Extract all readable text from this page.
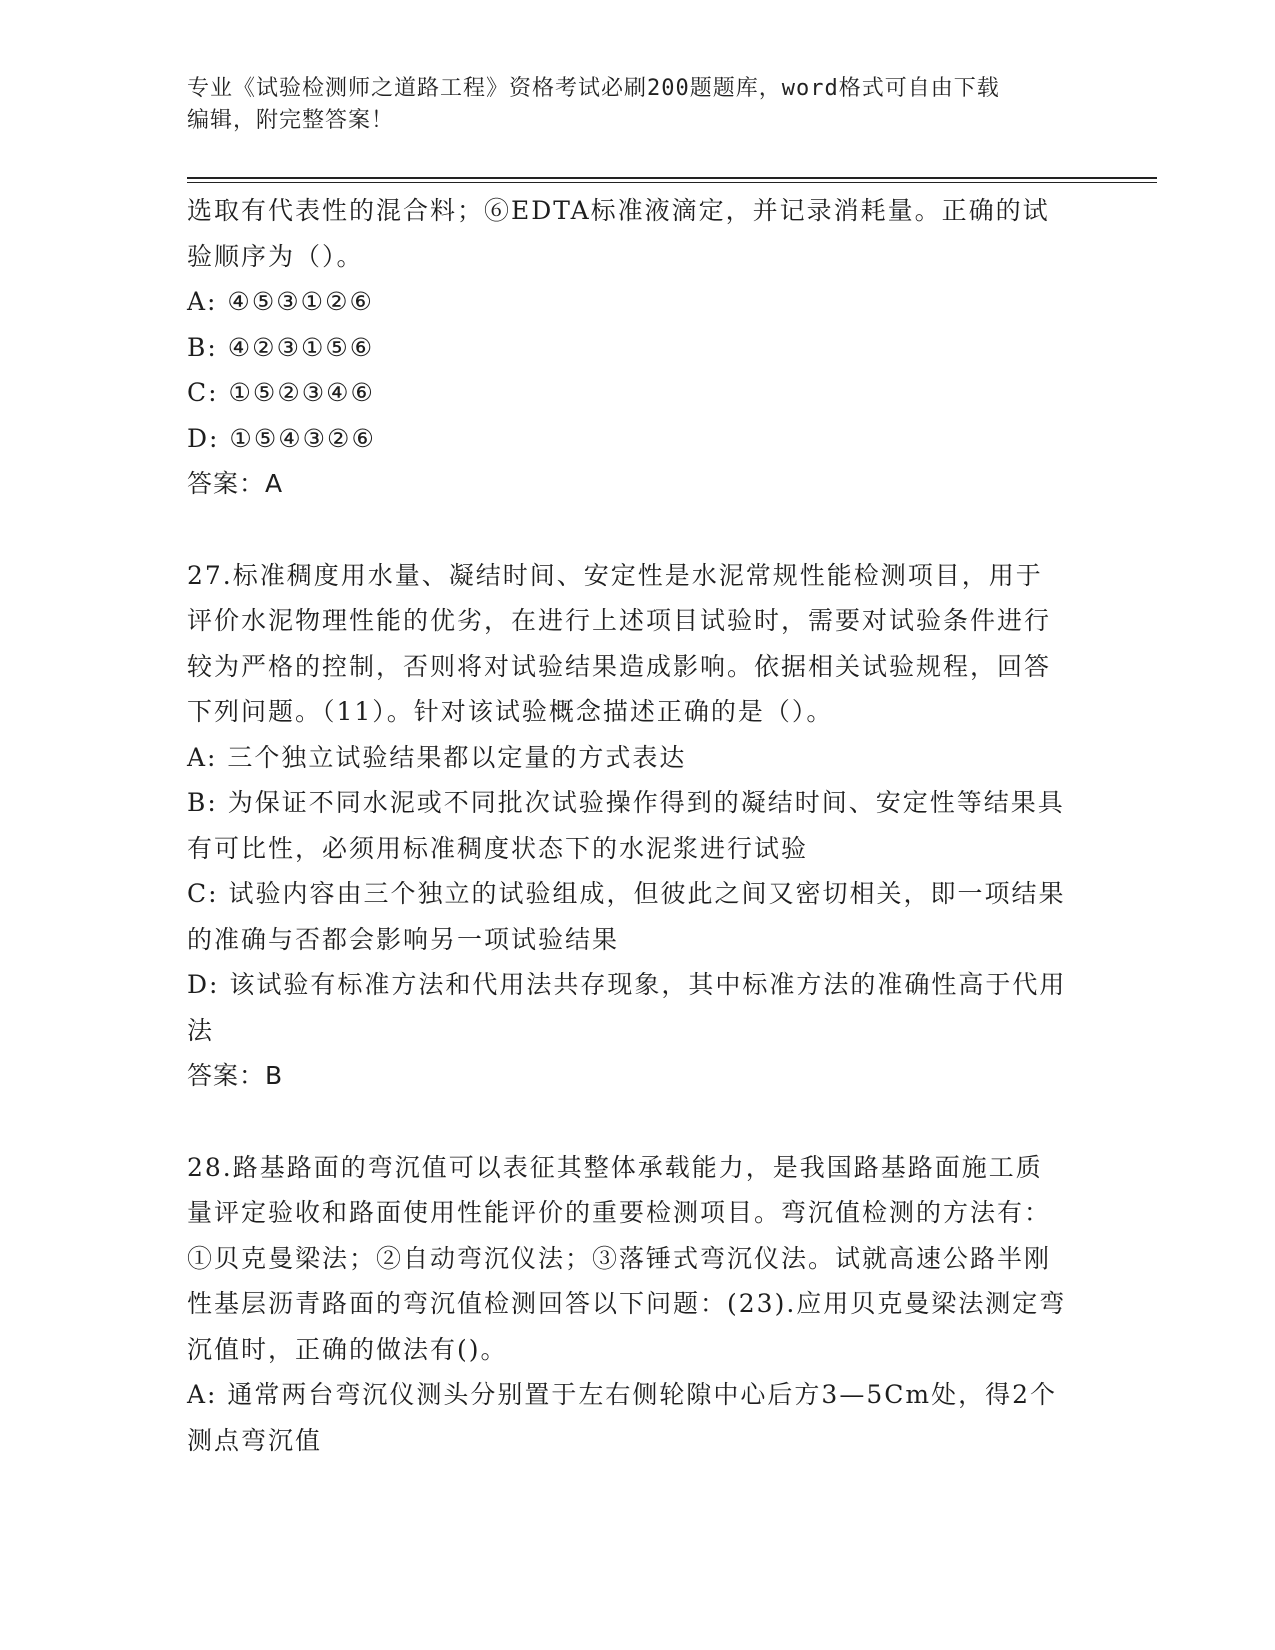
专业《试验检测师之道路工程》资格考试必刷200题题库，word格式可自由下载
编辑，附完整答案！

选取有代表性的混合料；⑥EDTA标准液滴定，并记录消耗量。正确的试验顺序为（）。

A: ④⑤③①②⑥

B: ④②③①⑤⑥

C: ①⑤②③④⑥

D: ①⑤④③②⑥

答案：A

27.标准稠度用水量、凝结时间、安定性是水泥常规性能检测项目，用于评价水泥物理性能的优劣，在进行上述项目试验时，需要对试验条件进行较为严格的控制，否则将对试验结果造成影响。依据相关试验规程，回答下列问题。（11）。针对该试验概念描述正确的是（）。

A: 三个独立试验结果都以定量的方式表达

B: 为保证不同水泥或不同批次试验操作得到的凝结时间、安定性等结果具有可比性，必须用标准稠度状态下的水泥浆进行试验

C: 试验内容由三个独立的试验组成，但彼此之间又密切相关，即一项结果的准确与否都会影响另一项试验结果

D: 该试验有标准方法和代用法共存现象，其中标准方法的准确性高于代用法

答案：B

28.路基路面的弯沉值可以表征其整体承载能力，是我国路基路面施工质量评定验收和路面使用性能评价的重要检测项目。弯沉值检测的方法有：①贝克曼梁法；②自动弯沉仪法；③落锤式弯沉仪法。试就高速公路半刚性基层沥青路面的弯沉值检测回答以下问题：(23).应用贝克曼梁法测定弯沉值时，正确的做法有()。

A: 通常两台弯沉仪测头分别置于左右侧轮隙中心后方3—5Cm处，得2个测点弯沉值
